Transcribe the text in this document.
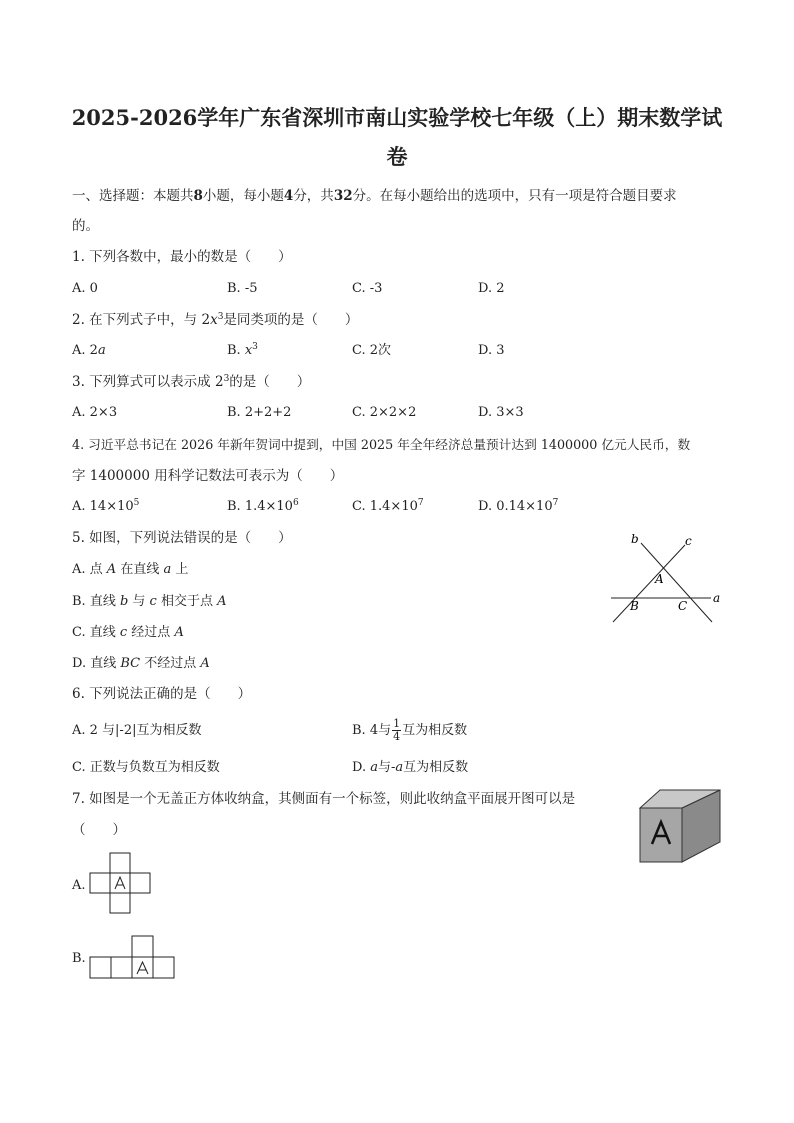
2025-2026学年广东省深圳市南山实验学校七年级（上）期末数学试
卷
一、选择题：本题共8小题，每小题4分，共32分。在每小题给出的选项中，只有一项是符合题目要求
的。
1. 下列各数中，最小的数是（　　）
A. 0	B. -5	C. -3	D. 2
2. 在下列式子中，与 $2x^3$是同类项的是（　　）
A. 2a	B. $x^3$	C. 2次	D. 3
3. 下列算式可以表示成 $2^3$的是（　　）
A. 2×3	B. 2+2+2	C. 2×2×2	D. 3×3
4. 习近平总书记在 2026 年新年贺词中提到，中国 2025 年全年经济总量预计达到 1400000 亿元人民币，数
字 1400000 用科学记数法可表示为（　　）
A. $14\times 10^5$	B. $1.4\times 10^6$	C. $1.4\times 10^7$	D. $0.14\times 10^7$
5. 如图，下列说法错误的是（　　）
A. 点 A 在直线 a 上
B. 直线 b 与 c 相交于点 A
C. 直线 c 经过点 A
D. 直线 BC 不经过点 A
b	c
A
B	C
a
6. 下列说法正确的是（　　）
A. 2 与|-2|互为相反数	B. 4与 $\frac{1}{4}$ 互为相反数
C. 正数与负数互为相反数	D. a与-a互为相反数
7. 如图是一个无盖正方体收纳盒，其侧面有一个标签，则此收纳盒平面展开图可以是
（　　）
A.
B.
